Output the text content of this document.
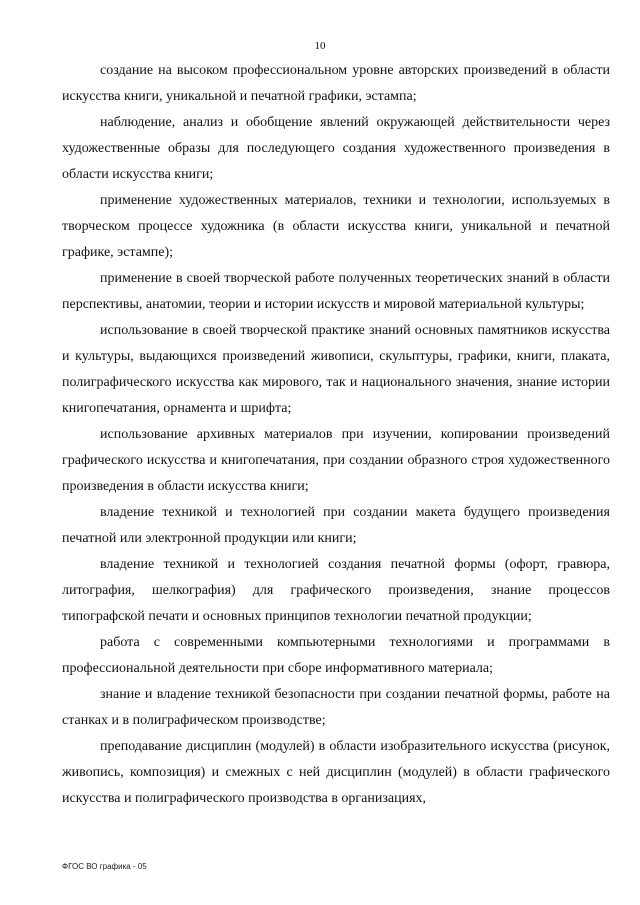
10

создание на высоком профессиональном уровне авторских произведений в области искусства книги, уникальной и печатной графики, эстампа;

наблюдение, анализ и обобщение явлений окружающей действительности через художественные образы для последующего создания художественного произведения в области искусства книги;

применение художественных материалов, техники и технологии, используемых в творческом процессе художника (в области искусства книги, уникальной и печатной графике, эстампе);

применение в своей творческой работе полученных теоретических знаний в области перспективы, анатомии, теории и истории искусств и мировой материальной культуры;

использование в своей творческой практике знаний основных памятников искусства и культуры, выдающихся произведений живописи, скульптуры, графики, книги, плаката, полиграфического искусства как мирового, так и национального значения, знание истории книгопечатания, орнамента и шрифта;

использование архивных материалов при изучении, копировании произведений графического искусства и книгопечатания, при создании образного строя художественного произведения в области искусства книги;

владение техникой и технологией при создании макета будущего произведения печатной или электронной продукции или книги;

владение техникой и технологией создания печатной формы (офорт, гравюра, литография, шелкография) для графического произведения, знание процессов типографской печати и основных принципов технологии печатной продукции;

работа с современными компьютерными технологиями и программами в профессиональной деятельности при сборе информативного материала;

знание и владение техникой безопасности при создании печатной формы, работе на станках и в полиграфическом производстве;

преподавание дисциплин (модулей) в области изобразительного искусства (рисунок, живопись, композиция) и смежных с ней дисциплин (модулей) в области графического искусства и полиграфического производства в организациях,

ФГОС ВО графика - 05
